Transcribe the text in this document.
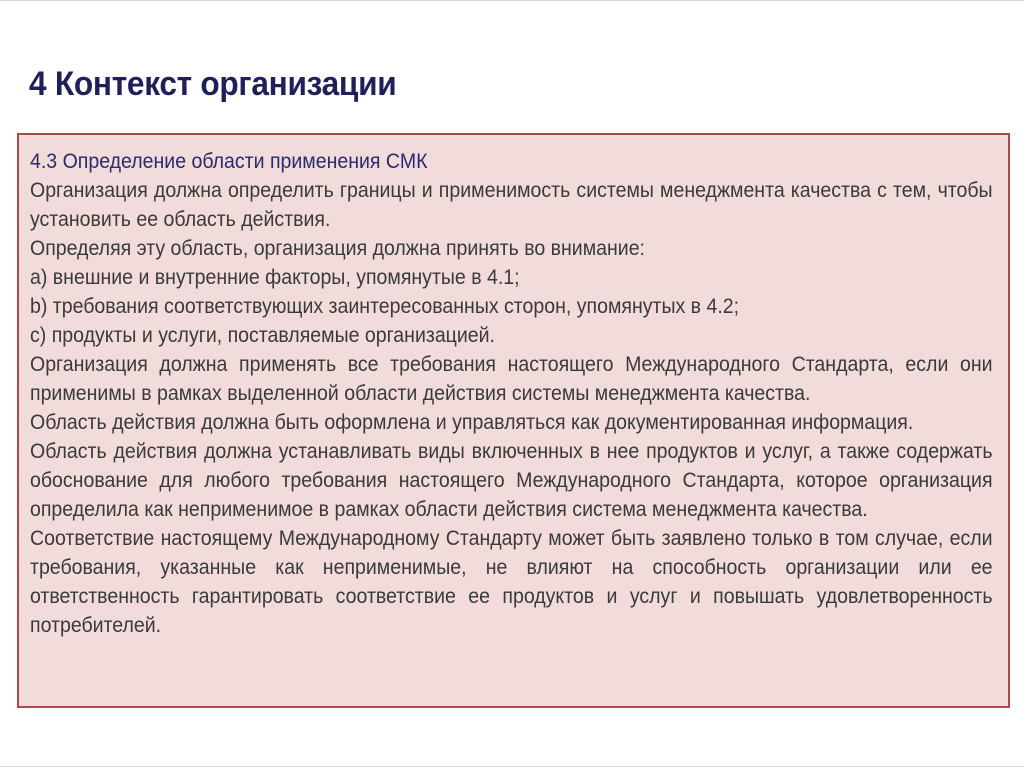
4 Контекст организации
4.3 Определение области применения СМК

Организация должна определить границы и применимость системы менеджмента качества с тем, чтобы установить ее область действия.

Определяя эту область, организация должна принять во внимание:

a) внешние и внутренние факторы, упомянутые в 4.1;

b) требования соответствующих заинтересованных сторон, упомянутых в 4.2;

c) продукты и услуги, поставляемые организацией.

Организация должна применять все требования настоящего Международного Стандарта, если они применимы в рамках выделенной области действия системы менеджмента качества.

Область действия должна быть оформлена и управляться как документированная информация.

Область действия должна устанавливать виды включенных в нее продуктов и услуг, а также содержать обоснование для любого требования настоящего Международного Стандарта, которое организация определила как неприменимое в рамках области действия система менеджмента качества.

Соответствие настоящему Международному Стандарту может быть заявлено только в том случае, если требования, указанные как неприменимые, не влияют на способность организации или ее ответственность гарантировать соответствие ее продуктов и услуг и повышать удовлетворенность потребителей.
